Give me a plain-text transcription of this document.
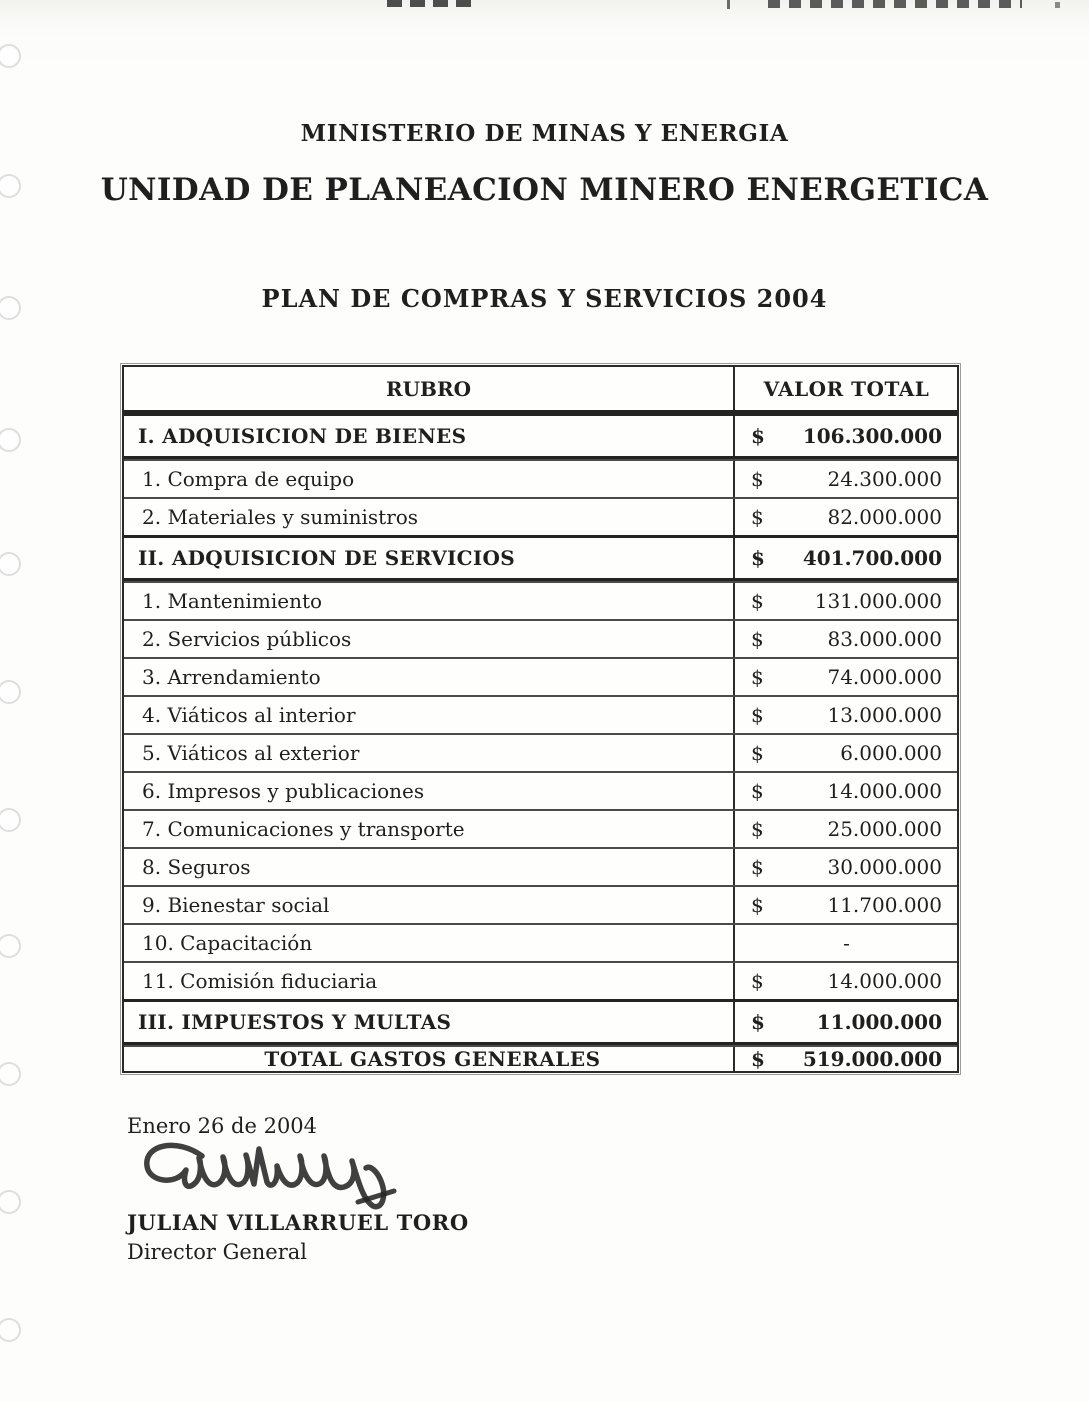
MINISTERIO DE MINAS Y ENERGIA
UNIDAD DE PLANEACION MINERO ENERGETICA
PLAN DE COMPRAS Y SERVICIOS 2004
RUBRO	VALOR TOTAL
I. ADQUISICION DE BIENES	$ 106.300.000
1. Compra de equipo	$	24.300.000
2. Materiales y suministros	$	82.000.000
II. ADQUISICION DE SERVICIOS	$ 401.700.000
1. Mantenimiento	$	131.000.000
2. Servicios públicos	$	83.000.000
3. Arrendamiento	$	74.000.000
4. Viáticos al interior	$	13.000.000
5. Viáticos al exterior	$	6.000.000
6. Impresos y publicaciones	$	14.000.000
7. Comunicaciones y transporte	$	25.000.000
8. Seguros	$	30.000.000
9. Bienestar social	$	11.700.000
10. Capacitación	-
11. Comisión fiduciaria	$	14.000.000
III. IMPUESTOS Y MULTAS	$	11.000.000
TOTAL GASTOS GENERALES	$ 519.000.000
Enero 26 de 2004
JULIAN VILLARRUEL TORO
Director General
